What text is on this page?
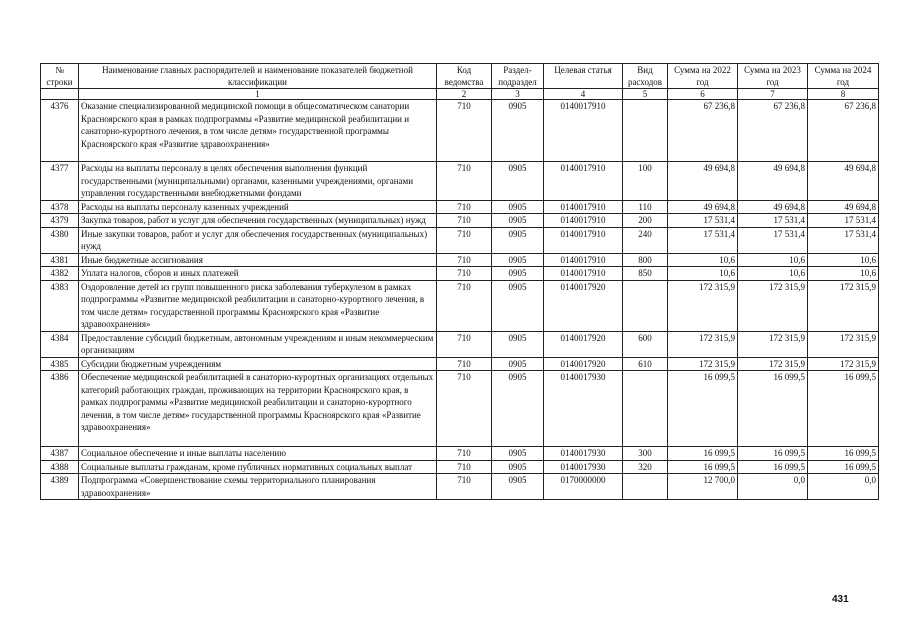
№ строки	Наименование главных распорядителей и наименование показателей бюджетной классификации	Код ведомства	Раздел-подраздел	Целевая статья	Вид расходов	Сумма на 2022 год	Сумма на 2023 год	Сумма на 2024 год
	1	2	3	4	5	6	7	8
4376	Оказание специализированной медицинской помощи в общесоматическом санатории Красноярского края в рамках подпрограммы «Развитие медицинской реабилитации и санаторно-курортного лечения, в том числе детям» государственной программы Красноярского края «Развитие здравоохранения»	710	0905	0140017910		67 236,8	67 236,8	67 236,8
4377	Расходы на выплаты персоналу в целях обеспечения выполнения функций государственными (муниципальными) органами, казенными учреждениями, органами управления государственными внебюджетными фондами	710	0905	0140017910	100	49 694,8	49 694,8	49 694,8
4378	Расходы на выплаты персоналу казенных учреждений	710	0905	0140017910	110	49 694,8	49 694,8	49 694,8
4379	Закупка товаров, работ и услуг для обеспечения государственных (муниципальных) нужд	710	0905	0140017910	200	17 531,4	17 531,4	17 531,4
4380	Иные закупки товаров, работ и услуг для обеспечения государственных (муниципальных) нужд	710	0905	0140017910	240	17 531,4	17 531,4	17 531,4
4381	Иные бюджетные ассигнования	710	0905	0140017910	800	10,6	10,6	10,6
4382	Уплата налогов, сборов и иных платежей	710	0905	0140017910	850	10,6	10,6	10,6
4383	Оздоровление детей из групп повышенного риска заболевания туберкулезом в рамках подпрограммы «Развитие медицинской реабилитации и санаторно-курортного лечения, в том числе детям» государственной программы Красноярского края «Развитие здравоохранения»	710	0905	0140017920		172 315,9	172 315,9	172 315,9
4384	Предоставление субсидий бюджетным, автономным учреждениям и иным некоммерческим организациям	710	0905	0140017920	600	172 315,9	172 315,9	172 315,9
4385	Субсидии бюджетным учреждениям	710	0905	0140017920	610	172 315,9	172 315,9	172 315,9
4386	Обеспечение медицинской реабилитацией в санаторно-курортных организациях отдельных категорий работающих граждан, проживающих на территории Красноярского края, в рамках подпрограммы «Развитие медицинской реабилитации и санаторно-курортного лечения, в том числе детям» государственной программы Красноярского края «Развитие здравоохранения»	710	0905	0140017930		16 099,5	16 099,5	16 099,5
4387	Социальное обеспечение и иные выплаты населению	710	0905	0140017930	300	16 099,5	16 099,5	16 099,5
4388	Социальные выплаты гражданам, кроме публичных нормативных социальных выплат	710	0905	0140017930	320	16 099,5	16 099,5	16 099,5
4389	Подпрограмма «Совершенствование схемы территориального планирования здравоохранения»	710	0905	0170000000		12 700,0	0,0	0,0
431
